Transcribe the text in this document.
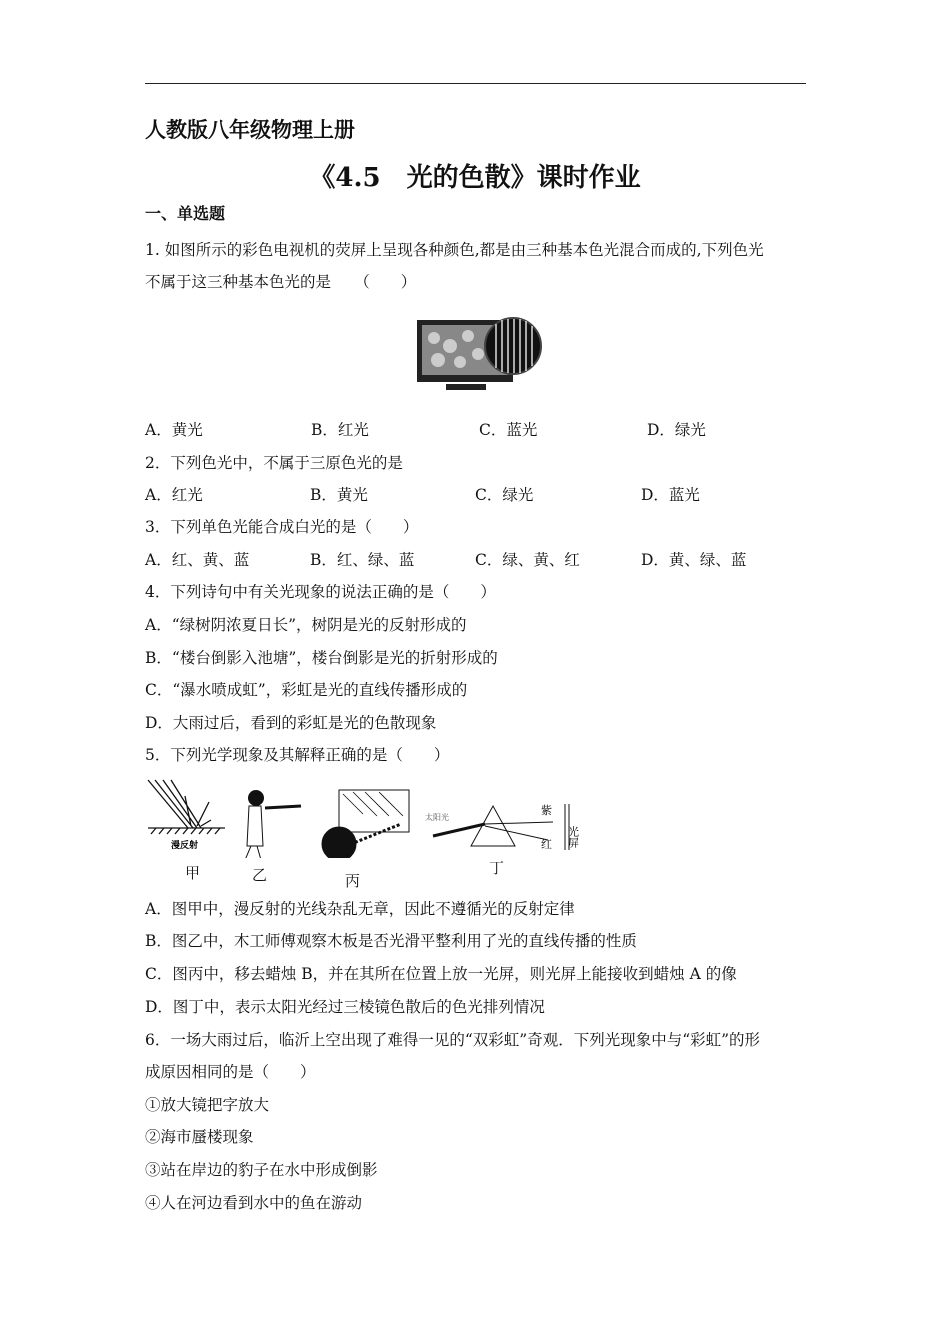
人教版八年级物理上册
《4.5　光的色散》课时作业
一、单选题
1. 如图所示的彩色电视机的荧屏上呈现各种颜色,都是由三种基本色光混合而成的,下列色光
不属于这三种基本色光的是　　（　　）
A．黄光	B．红光	C．蓝光	D．绿光
2．下列色光中，不属于三原色光的是
A．红光	B．黄光	C．绿光	D．蓝光
3．下列单色光能合成白光的是（　　）
A．红、黄、蓝	B．红、绿、蓝	C．绿、黄、红	D．黄、绿、蓝
4．下列诗句中有关光现象的说法正确的是（　　）
A．“绿树阴浓夏日长”，树阴是光的反射形成的
B．“楼台倒影入池塘”，楼台倒影是光的折射形成的
C．“瀑水喷成虹”，彩虹是光的直线传播形成的
D．大雨过后，看到的彩虹是光的色散现象
5．下列光学现象及其解释正确的是（　　）
漫反射
太阳光
紫
红 光屏
甲	乙	丙
丁
A．图甲中，漫反射的光线杂乱无章，因此不遵循光的反射定律
B．图乙中，木工师傅观察木板是否光滑平整利用了光的直线传播的性质
C．图丙中，移去蜡烛 B，并在其所在位置上放一光屏，则光屏上能接收到蜡烛 A 的像
D．图丁中，表示太阳光经过三棱镜色散后的色光排列情况
6．一场大雨过后，临沂上空出现了难得一见的“双彩虹”奇观．下列光现象中与“彩虹”的形
成原因相同的是（　　）
①放大镜把字放大
②海市蜃楼现象
③站在岸边的豹子在水中形成倒影
④人在河边看到水中的鱼在游动
